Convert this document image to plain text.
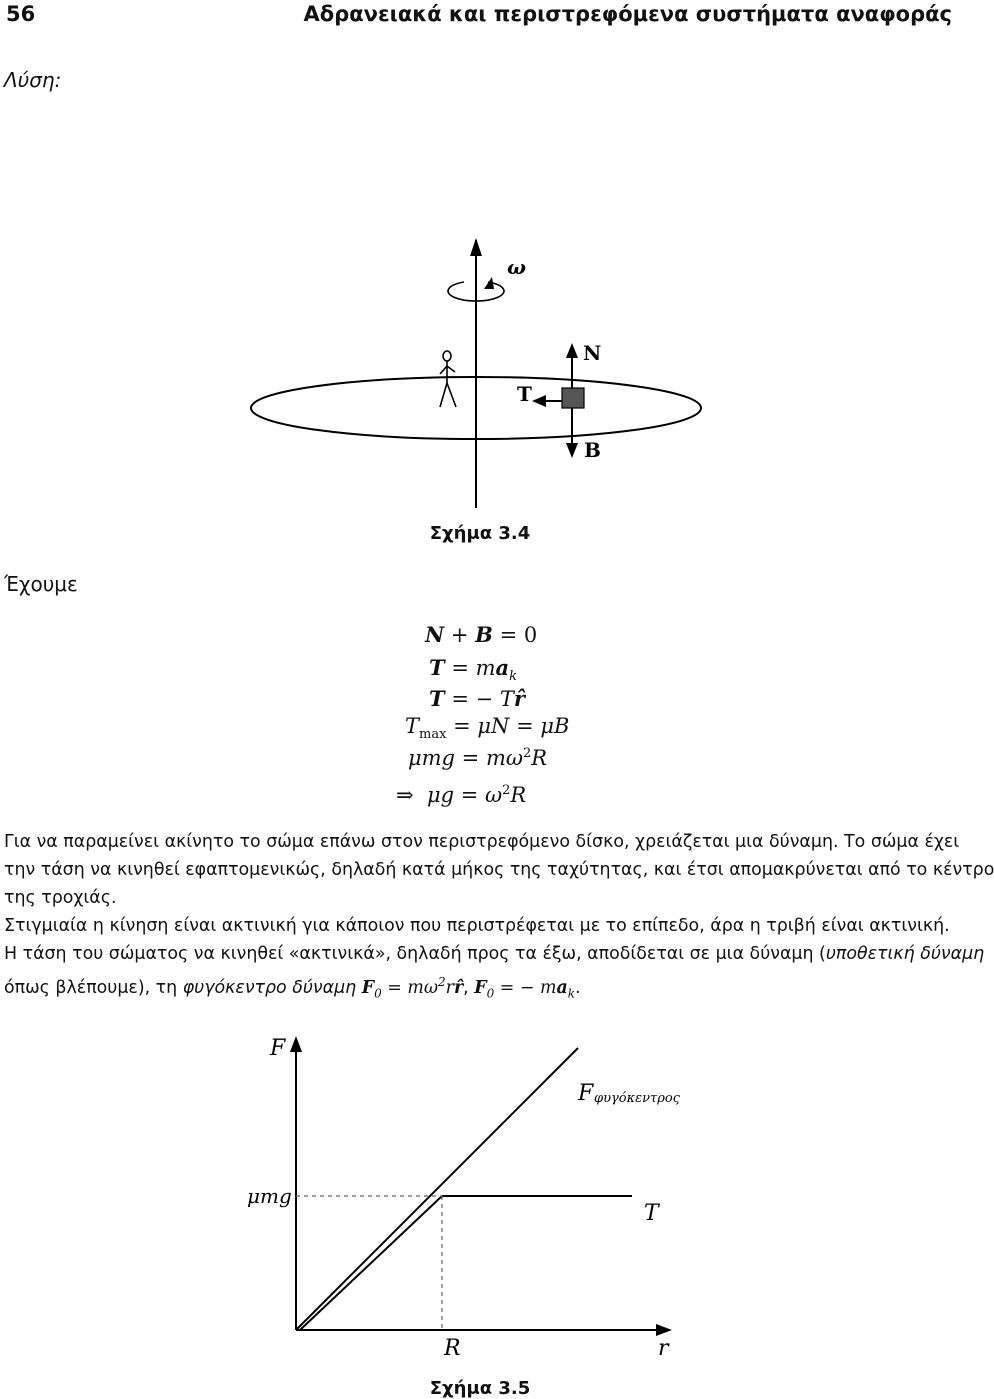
56	Αδρανειακά και περιστρεφόμενα συστήματα αναφοράς
Λύση:
ω
N
T
B
Σχήμα 3.4
Έχουμε
N + B = 0
$T = ma_k$
T = − Tr̂
$T_{max} = \mu N = \mu B$
$\mu mg = m\omega^2R$
⇒ $\mu g = \omega^2R$
Για να παραμείνει ακίνητο το σώμα επάνω στον περιστρεφόμενο δίσκο, χρειάζεται μια δύναμη. Το σώμα έχει
την τάση να κινηθεί εφαπτομενικώς, δηλαδή κατά μήκος της ταχύτητας, και έτσι απομακρύνεται από το κέντρο
της τροχιάς.
Στιγμιαία η κίνηση είναι ακτινική για κάποιον που περιστρέφεται με το επίπεδο, άρα η τριβή είναι ακτινική.
Η τάση του σώματος να κινηθεί «ακτινικά», δηλαδή προς τα έξω, αποδίδεται σε μια δύναμη (υποθετική δύναμη
όπως βλέπουμε), τη φυγόκεντρο δύναμη $F_0$ = $m\omega^2rr̂$, $F_0$ = − $ma_k$.
F
r
F φυγόκεντρος
T
μmg
R
Σχήμα 3.5
